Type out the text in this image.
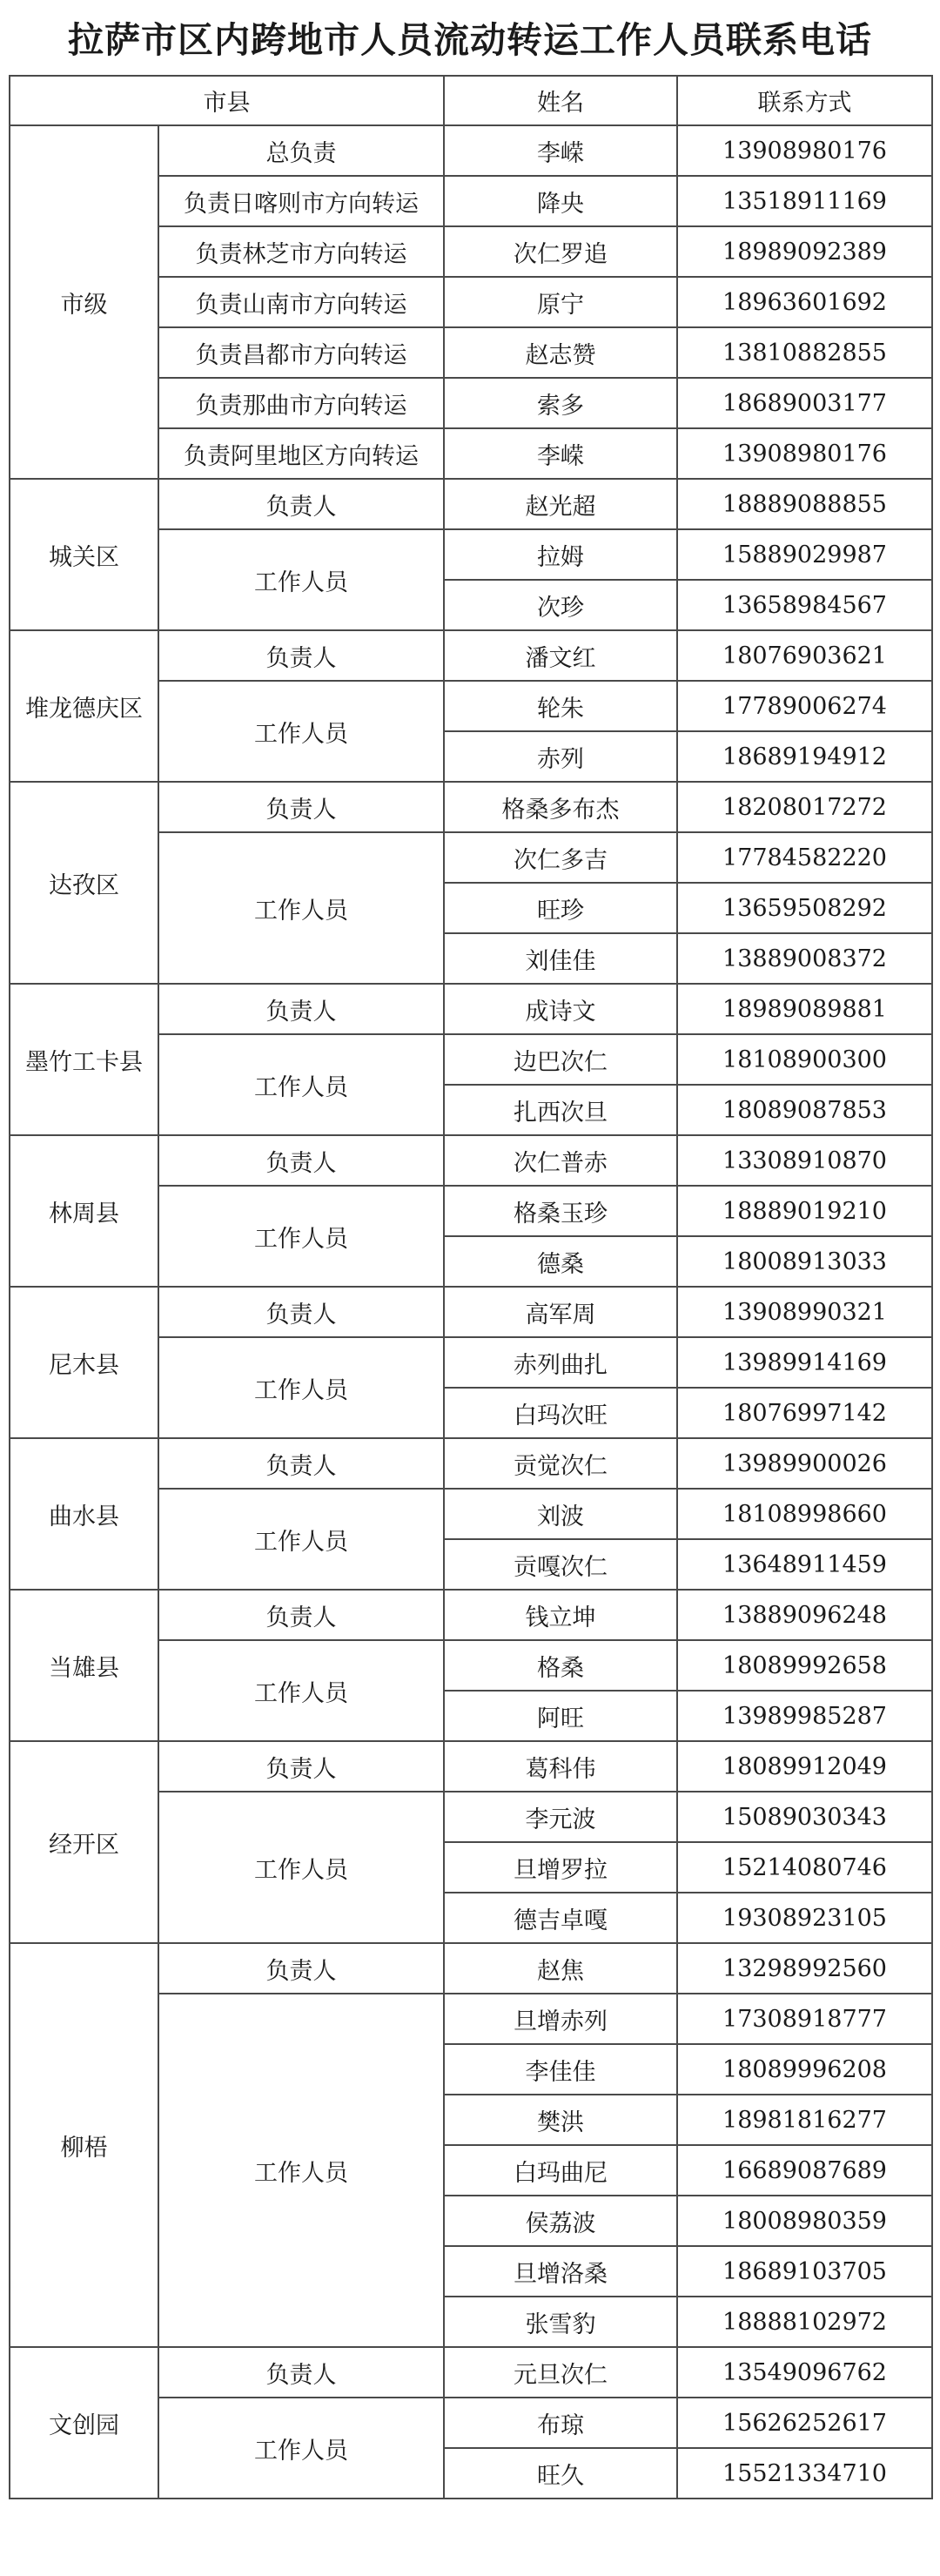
拉萨市区内跨地市人员流动转运工作人员联系电话
市县		姓名	联系方式
市级	总负责	李嵘	13908980176
	负责日喀则市方向转运	降央	13518911169
	负责林芝市方向转运	次仁罗追	18989092389
	负责山南市方向转运	原宁	18963601692
	负责昌都市方向转运	赵志赞	13810882855
	负责那曲市方向转运	索多	18689003177
	负责阿里地区方向转运	李嵘	13908980176
城关区	负责人	赵光超	18889088855
	工作人员	拉姆	15889029987
		次珍	13658984567
堆龙德庆区	负责人	潘文红	18076903621
	工作人员	轮朱	17789006274
		赤列	18689194912
达孜区	负责人	格桑多布杰	18208017272
	工作人员	次仁多吉	17784582220
		旺珍	13659508292
		刘佳佳	13889008372
墨竹工卡县	负责人	成诗文	18989089881
	工作人员	边巴次仁	18108900300
		扎西次旦	18089087853
林周县	负责人	次仁普赤	13308910870
	工作人员	格桑玉珍	18889019210
		德桑	18008913033
尼木县	负责人	高军周	13908990321
	工作人员	赤列曲扎	13989914169
		白玛次旺	18076997142
曲水县	负责人	贡觉次仁	13989900026
	工作人员	刘波	18108998660
		贡嘎次仁	13648911459
当雄县	负责人	钱立坤	13889096248
	工作人员	格桑	18089992658
		阿旺	13989985287
经开区	负责人	葛科伟	18089912049
	工作人员	李元波	15089030343
		旦增罗拉	15214080746
		德吉卓嘎	19308923105
柳梧	负责人	赵焦	13298992560
	工作人员	旦增赤列	17308918777
		李佳佳	18089996208
		樊洪	18981816277
		白玛曲尼	16689087689
		侯荔波	18008980359
		旦增洛桑	18689103705
		张雪豹	18888102972
文创园	负责人	元旦次仁	13549096762
	工作人员	布琼	15626252617
		旺久	15521334710
